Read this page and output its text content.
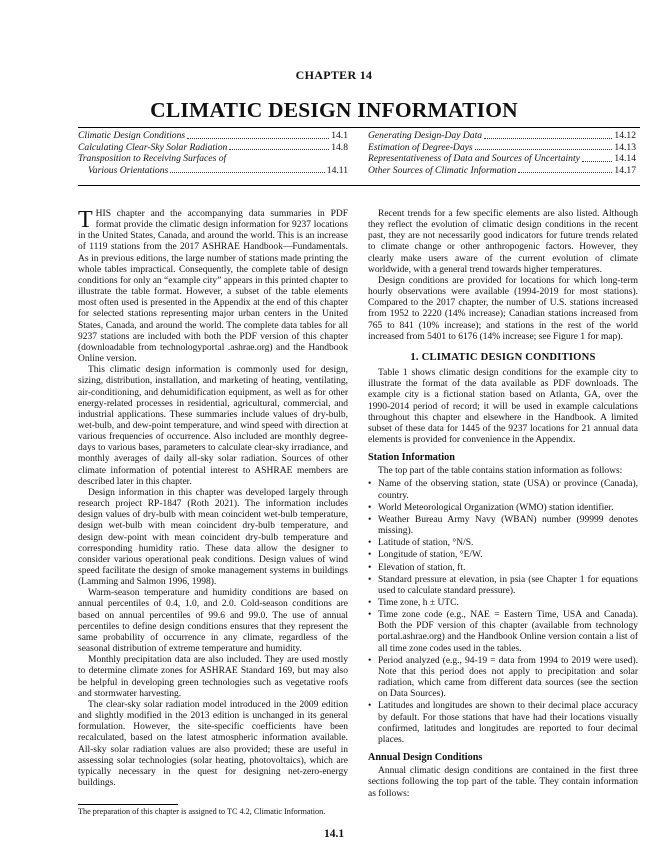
CHAPTER 14
CLIMATIC DESIGN INFORMATION
Climatic Design Conditions	14.1
Calculating Clear-Sky Solar Radiation	14.8
Transposition to Receiving Surfaces of
Various Orientations	14.11
Generating Design-Day Data	14.12
Estimation of Degree-Days	14.13
Representativeness of Data and Sources of Uncertainty	14.14
Other Sources of Climatic Information	14.17

THIS chapter and the accompanying data summaries in PDF format provide the climatic design information for 9237 locations in the United States, Canada, and around the world. This is an increase of 1119 stations from the 2017 ASHRAE Handbook—Fundamentals. As in previous editions, the large number of stations made printing the whole tables impractical. Consequently, the complete table of design conditions for only an “example city” appears in this printed chapter to illustrate the table format. However, a subset of the table elements most often used is presented in the Appendix at the end of this chapter for selected stations representing major urban centers in the United States, Canada, and around the world. The complete data tables for all 9237 stations are included with both the PDF version of this chapter (downloadable from technologyportal .ashrae.org) and the Handbook Online version.

This climatic design information is commonly used for design, sizing, distribution, installation, and marketing of heating, ventilating, air-conditioning, and dehumidification equipment, as well as for other energy-related processes in residential, agricultural, commercial, and industrial applications. These summaries include values of dry-bulb, wet-bulb, and dew-point temperature, and wind speed with direction at various frequencies of occurrence. Also included are monthly degree-days to various bases, parameters to calculate clear-sky irradiance, and monthly averages of daily all-sky solar radiation. Sources of other climate information of potential interest to ASHRAE members are described later in this chapter.

Design information in this chapter was developed largely through research project RP-1847 (Roth 2021). The information includes design values of dry-bulb with mean coincident wet-bulb temperature, design wet-bulb with mean coincident dry-bulb temperature, and design dew-point with mean coincident dry-bulb temperature and corresponding humidity ratio. These data allow the designer to consider various operational peak conditions. Design values of wind speed facilitate the design of smoke management systems in buildings (Lamming and Salmon 1996, 1998).

Warm-season temperature and humidity conditions are based on annual percentiles of 0.4, 1.0, and 2.0. Cold-season conditions are based on annual percentiles of 99.6 and 99.0. The use of annual percentiles to define design conditions ensures that they represent the same probability of occurrence in any climate, regardless of the seasonal distribution of extreme temperature and humidity.

Monthly precipitation data are also included. They are used mostly to determine climate zones for ASHRAE Standard 169, but may also be helpful in developing green technologies such as vegetative roofs and stormwater harvesting.

The clear-sky solar radiation model introduced in the 2009 edition and slightly modified in the 2013 edition is unchanged in its general formulation. However, the site-specific coefficients have been recalculated, based on the latest atmospheric information available. All-sky solar radiation values are also provided; these are useful in assessing solar technologies (solar heating, photovoltaics), which are typically necessary in the quest for designing net-zero-energy buildings.

Recent trends for a few specific elements are also listed. Although they reflect the evolution of climatic design conditions in the recent past, they are not necessarily good indicators for future trends related to climate change or other anthropogenic factors. However, they clearly make users aware of the current evolution of climate worldwide, with a general trend towards higher temperatures.

Design conditions are provided for locations for which long-term hourly observations were available (1994-2019 for most stations). Compared to the 2017 chapter, the number of U.S. stations increased from 1952 to 2220 (14% increase); Canadian stations increased from 765 to 841 (10% increase); and stations in the rest of the world increased from 5401 to 6176 (14% increase; see Figure 1 for map).

1. CLIMATIC DESIGN CONDITIONS

Table 1 shows climatic design conditions for the example city to illustrate the format of the data available as PDF downloads. The example city is a fictional station based on Atlanta, GA, over the 1990-2014 period of record; it will be used in example calculations throughout this chapter and elsewhere in the Handbook. A limited subset of these data for 1445 of the 9237 locations for 21 annual data elements is provided for convenience in the Appendix.

Station Information

The top part of the table contains station information as follows:

• Name of the observing station, state (USA) or province (Canada), country.
• World Meteorological Organization (WMO) station identifier.
• Weather Bureau Army Navy (WBAN) number (99999 denotes missing).
• Latitude of station, °N/S.
• Longitude of station, °E/W.
• Elevation of station, ft.
• Standard pressure at elevation, in psia (see Chapter 1 for equations used to calculate standard pressure).
• Time zone, h ± UTC.
• Time zone code (e.g., NAE = Eastern Time, USA and Canada). Both the PDF version of this chapter (available from technology portal.ashrae.org) and the Handbook Online version contain a list of all time zone codes used in the tables.
• Period analyzed (e.g., 94-19 = data from 1994 to 2019 were used). Note that this period does not apply to precipitation and solar radiation, which came from different data sources (see the section on Data Sources).
• Latitudes and longitudes are shown to their decimal place accuracy by default. For those stations that have had their locations visually confirmed, latitudes and longitudes are reported to four decimal places.
Annual Design Conditions

Annual climatic design conditions are contained in the first three sections following the top part of the table. They contain information as follows:

The preparation of this chapter is assigned to TC 4.2, Climatic Information.
14.1
